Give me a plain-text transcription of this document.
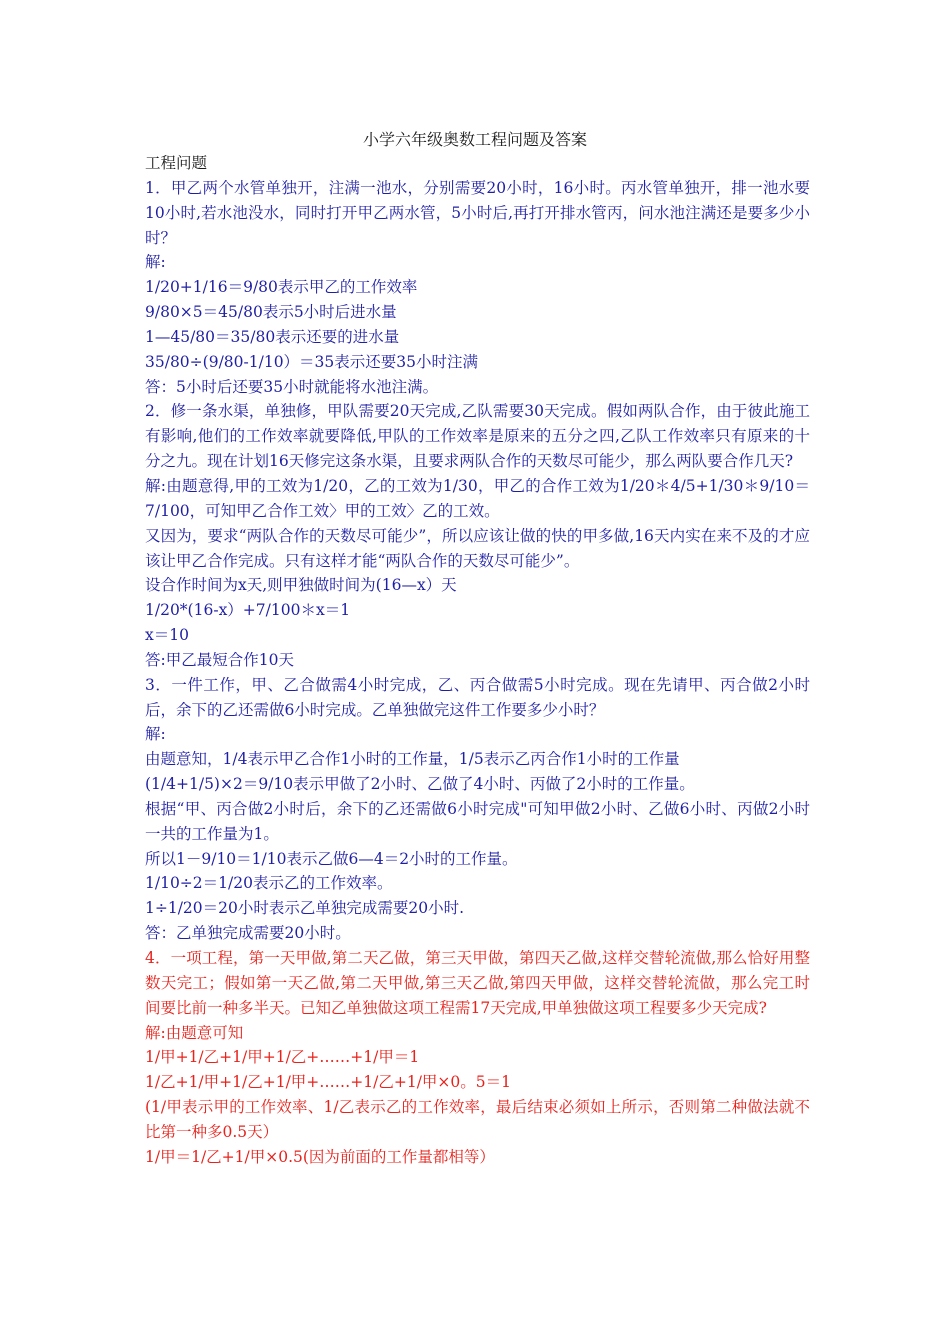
小学六年级奥数工程问题及答案

工程问题

1．甲乙两个水管单独开，注满一池水，分别需要20小时，16小时。丙水管单独开，排一池水要10小时,若水池没水，同时打开甲乙两水管，5小时后,再打开排水管丙，问水池注满还是要多少小时？

解:

1/20+1/16＝9/80表示甲乙的工作效率

9/80×5＝45/80表示5小时后进水量

1—45/80＝35/80表示还要的进水量

35/80÷(9/80-1/10）＝35表示还要35小时注满

答：5小时后还要35小时就能将水池注满。

2．修一条水渠，单独修，甲队需要20天完成,乙队需要30天完成。假如两队合作，由于彼此施工有影响,他们的工作效率就要降低,甲队的工作效率是原来的五分之四,乙队工作效率只有原来的十分之九。现在计划16天修完这条水渠，且要求两队合作的天数尽可能少，那么两队要合作几天?

解:由题意得,甲的工效为1/20，乙的工效为1/30，甲乙的合作工效为1/20＊4/5+1/30＊9/10＝7/100，可知甲乙合作工效〉甲的工效〉乙的工效。

又因为，要求“两队合作的天数尽可能少”，所以应该让做的快的甲多做,16天内实在来不及的才应该让甲乙合作完成。只有这样才能“两队合作的天数尽可能少”。

设合作时间为x天,则甲独做时间为(16—x）天

1/20*(16-x）+7/100＊x＝1

x＝10

答:甲乙最短合作10天

3．一件工作，甲、乙合做需4小时完成，乙、丙合做需5小时完成。现在先请甲、丙合做2小时后，余下的乙还需做6小时完成。乙单独做完这件工作要多少小时？

解:

由题意知，1/4表示甲乙合作1小时的工作量，1/5表示乙丙合作1小时的工作量

(1/4+1/5)×2＝9/10表示甲做了2小时、乙做了4小时、丙做了2小时的工作量。

根据“甲、丙合做2小时后，余下的乙还需做6小时完成"可知甲做2小时、乙做6小时、丙做2小时一共的工作量为1。

所以1－9/10＝1/10表示乙做6—4＝2小时的工作量。

1/10÷2＝1/20表示乙的工作效率。

1÷1/20＝20小时表示乙单独完成需要20小时.

答：乙单独完成需要20小时。

4．一项工程，第一天甲做,第二天乙做，第三天甲做，第四天乙做,这样交替轮流做,那么恰好用整数天完工；假如第一天乙做,第二天甲做,第三天乙做,第四天甲做，这样交替轮流做，那么完工时间要比前一种多半天。已知乙单独做这项工程需17天完成,甲单独做这项工程要多少天完成?

解:由题意可知

1/甲+1/乙+1/甲+1/乙+……+1/甲＝1

1/乙+1/甲+1/乙+1/甲+……+1/乙+1/甲×0。5＝1

(1/甲表示甲的工作效率、1/乙表示乙的工作效率，最后结束必须如上所示，否则第二种做法就不比第一种多0.5天）

1/甲＝1/乙+1/甲×0.5(因为前面的工作量都相等）
